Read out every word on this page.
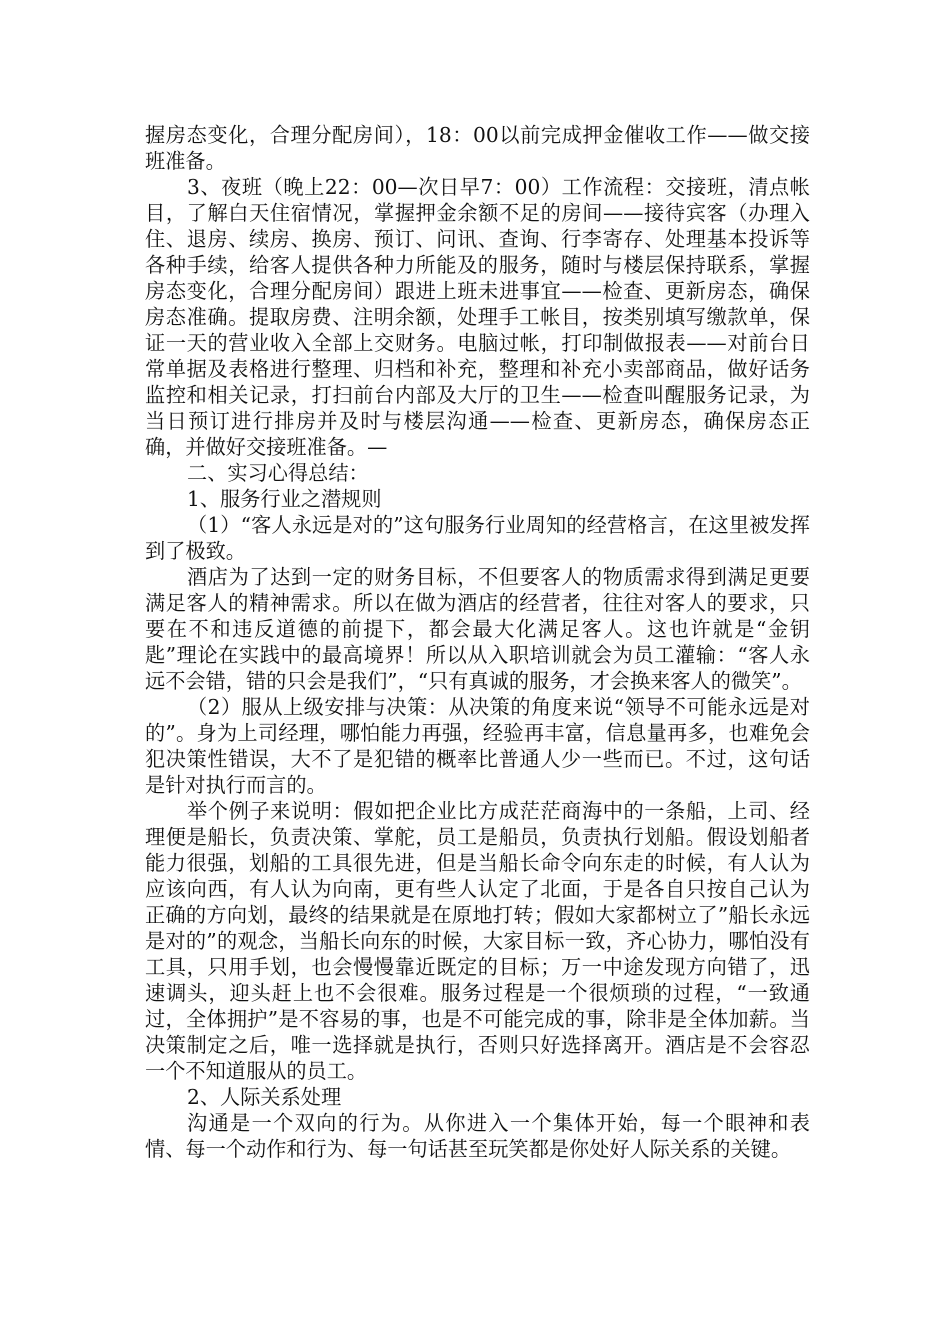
握房态变化，合理分配房间），18：00以前完成押金催收工作——做交接班准备。

3、夜班（晚上22：00—次日早7：00）工作流程：交接班，清点帐目，了解白天住宿情况，掌握押金余额不足的房间——接待宾客（办理入住、退房、续房、换房、预订、问讯、查询、行李寄存、处理基本投诉等各种手续，给客人提供各种力所能及的服务，随时与楼层保持联系，掌握房态变化，合理分配房间）跟进上班未进事宜——检查、更新房态，确保房态准确。提取房费、注明余额，处理手工帐目，按类别填写缴款单，保证一天的营业收入全部上交财务。电脑过帐，打印制做报表——对前台日常单据及表格进行整理、归档和补充，整理和补充小卖部商品，做好话务监控和相关记录，打扫前台内部及大厅的卫生——检查叫醒服务记录，为当日预订进行排房并及时与楼层沟通——检查、更新房态，确保房态正确，并做好交接班准备。—

二、实习心得总结：

1、服务行业之潜规则

（1）“客人永远是对的”这句服务行业周知的经营格言，在这里被发挥到了极致。

酒店为了达到一定的财务目标，不但要客人的物质需求得到满足更要满足客人的精神需求。所以在做为酒店的经营者，往往对客人的要求，只要在不和违反道德的前提下，都会最大化满足客人。这也许就是“金钥匙”理论在实践中的最高境界！所以从入职培训就会为员工灌输：“客人永远不会错，错的只会是我们”，“只有真诚的服务，才会换来客人的微笑”。

（2）服从上级安排与决策：从决策的角度来说“领导不可能永远是对的”。身为上司经理，哪怕能力再强，经验再丰富，信息量再多，也难免会犯决策性错误，大不了是犯错的概率比普通人少一些而已。不过，这句话是针对执行而言的。

举个例子来说明：假如把企业比方成茫茫商海中的一条船，上司、经理便是船长，负责决策、掌舵，员工是船员，负责执行划船。假设划船者能力很强，划船的工具很先进，但是当船长命令向东走的时候，有人认为应该向西，有人认为向南，更有些人认定了北面，于是各自只按自己认为正确的方向划，最终的结果就是在原地打转；假如大家都树立了”船长永远是对的”的观念，当船长向东的时候，大家目标一致，齐心协力，哪怕没有工具，只用手划，也会慢慢靠近既定的目标；万一中途发现方向错了，迅速调头，迎头赶上也不会很难。服务过程是一个很烦琐的过程，“一致通过，全体拥护”是不容易的事，也是不可能完成的事，除非是全体加薪。当决策制定之后，唯一选择就是执行，否则只好选择离开。酒店是不会容忍一个不知道服从的员工。

2、人际关系处理

沟通是一个双向的行为。从你进入一个集体开始，每一个眼神和表情、每一个动作和行为、每一句话甚至玩笑都是你处好人际关系的关键。
